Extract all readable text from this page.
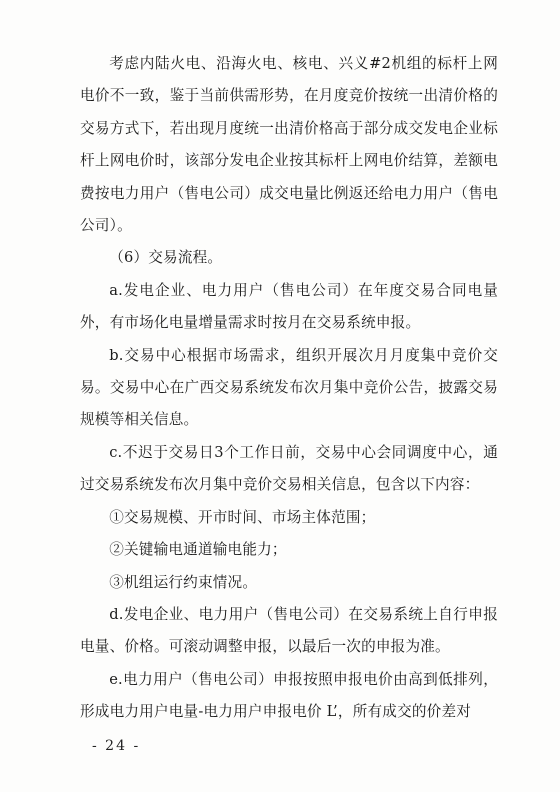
考虑内陆火电、沿海火电、核电、兴义#2机组的标杆上网电价不一致，鉴于当前供需形势，在月度竞价按统一出清价格的交易方式下，若出现月度统一出清价格高于部分成交发电企业标杆上网电价时，该部分发电企业按其标杆上网电价结算，差额电费按电力用户（售电公司）成交电量比例返还给电力用户（售电公司）。

（6）交易流程。

a.发电企业、电力用户（售电公司）在年度交易合同电量外，有市场化电量增量需求时按月在交易系统申报。

b.交易中心根据市场需求，组织开展次月月度集中竞价交易。交易中心在广西交易系统发布次月集中竞价公告，披露交易规模等相关信息。

c.不迟于交易日3个工作日前，交易中心会同调度中心，通过交易系统发布次月集中竞价交易相关信息，包含以下内容：

①交易规模、开市时间、市场主体范围；

②关键输电通道输电能力；

③机组运行约束情况。

d.发电企业、电力用户（售电公司）在交易系统上自行申报电量、价格。可滚动调整申报，以最后一次的申报为准。

e.电力用户（售电公司）申报按照申报电价由高到低排列，形成电力用户电量-电力用户申报电价 L’，所有成交的价差对

- 24 -
